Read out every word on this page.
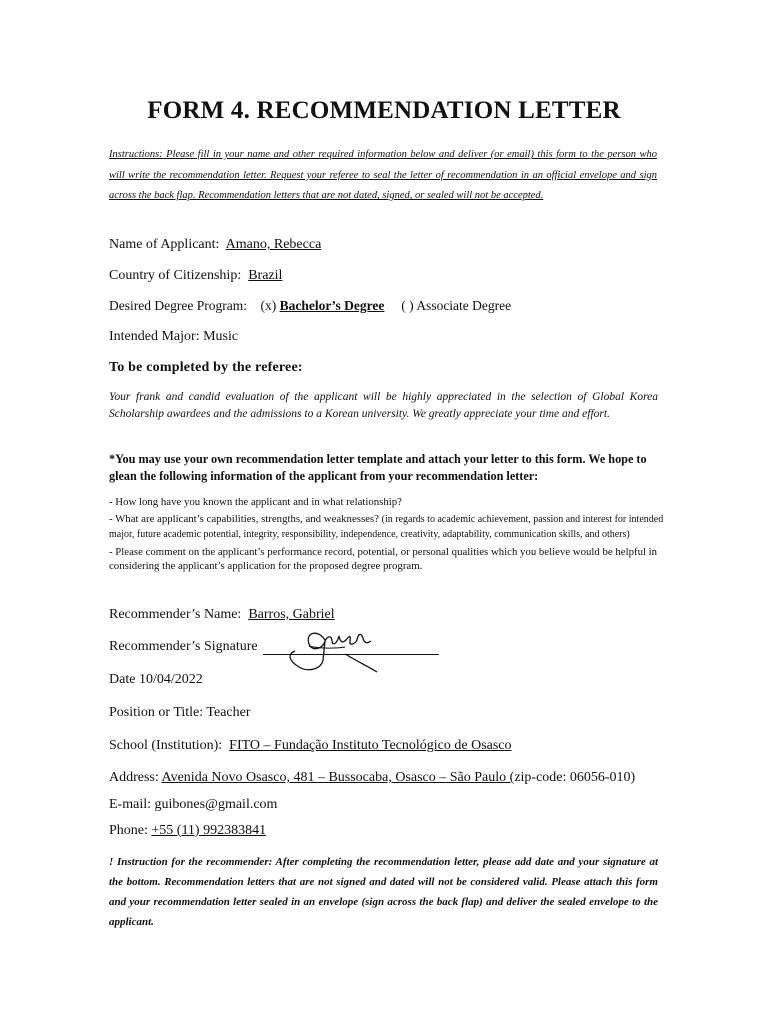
FORM 4. RECOMMENDATION LETTER
Instructions: Please fill in your name and other required information below and deliver (or email) this form to the person who will write the recommendation letter. Request your referee to seal the letter of recommendation in an official envelope and sign across the back flap. Recommendation letters that are not dated, signed, or sealed will not be accepted.
Name of Applicant: Amano, Rebecca
Country of Citizenship: Brazil
Desired Degree Program: (x) Bachelor’s Degree ( ) Associate Degree
Intended Major: Music
To be completed by the referee:
Your frank and candid evaluation of the applicant will be highly appreciated in the selection of Global Korea Scholarship awardees and the admissions to a Korean university. We greatly appreciate your time and effort.
*You may use your own recommendation letter template and attach your letter to this form. We hope to glean the following information of the applicant from your recommendation letter:

- How long have you known the applicant and in what relationship?

- What are applicant’s capabilities, strengths, and weaknesses? (in regards to academic achievement, passion and interest for intended major, future academic potential, integrity, responsibility, independence, creativity, adaptability, communication skills, and others)

- Please comment on the applicant’s performance record, potential, or personal qualities which you believe would be helpful in considering the applicant’s application for the proposed degree program.

Recommender’s Name: Barros, Gabriel
Recommender’s Signature
Date 10/04/2022
Position or Title: Teacher
School (Institution): FITO – Fundação Instituto Tecnológico de Osasco
Address: Avenida Novo Osasco, 481 – Bussocaba, Osasco – São Paulo (zip-code: 06056-010)
E-mail: guibones@gmail.com
Phone: +55 (11) 992383841
! Instruction for the recommender: After completing the recommendation letter, please add date and your signature at the bottom. Recommendation letters that are not signed and dated will not be considered valid. Please attach this form and your recommendation letter sealed in an envelope (sign across the back flap) and deliver the sealed envelope to the applicant.
